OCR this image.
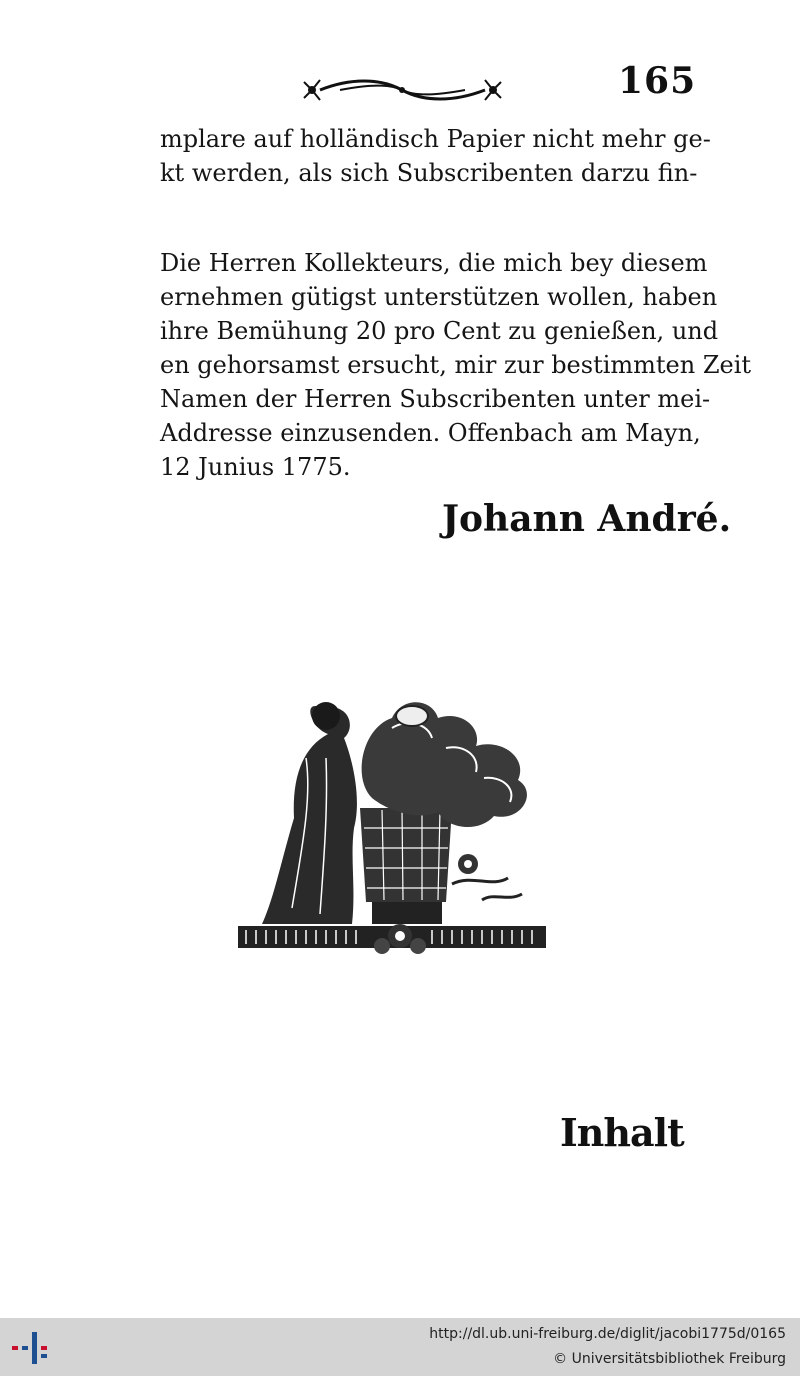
165
mplare auf holländisch Papier nicht mehr ge-
kt werden, als sich Subscribenten darzu fin-
Die Herren Kollekteurs, die mich bey diesem
ernehmen gütigst unterstützen wollen, haben
ihre Bemühung 20 pro Cent zu genießen, und
en gehorsamst ersucht, mir zur bestimmten Zeit
Namen der Herren Subscribenten unter mei-
Addresse einzusenden. Offenbach am Mayn,
12 Junius 1775.
Johann André.
Inhalt
http://dl.ub.uni-freiburg.de/diglit/jacobi1775d/0165
© Universitätsbibliothek Freiburg
